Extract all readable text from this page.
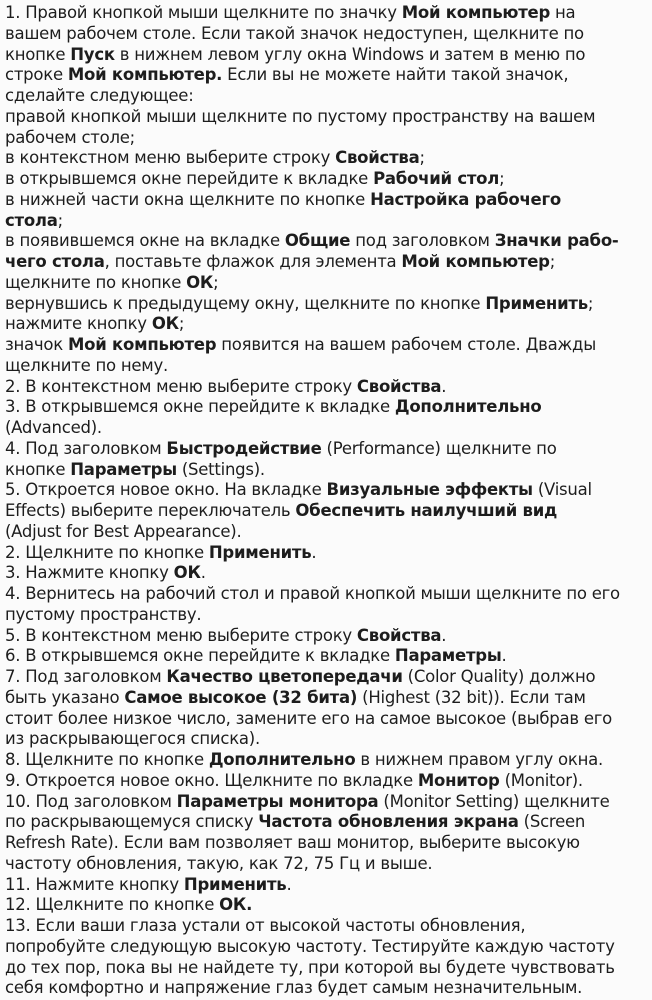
1. Правой кнопкой мыши щелкните по значку Мой компьютер на
вашем рабочем столе. Если такой значок недоступен, щелкните по
кнопке Пуск в нижнем левом углу окна Windows и затем в меню по
строке Мой компьютер. Если вы не можете найти такой значок,
сделайте следующее:
правой кнопкой мыши щелкните по пустому пространству на вашем
рабочем столе;
в контекстном меню выберите строку Свойства;
в открывшемся окне перейдите к вкладке Рабочий стол;
в нижней части окна щелкните по кнопке Настройка рабочего
стола;
в появившемся окне на вкладке Общие под заголовком Значки рабо-
чего стола, поставьте флажок для элемента Мой компьютер;
щелкните по кнопке ОК;
вернувшись к предыдущему окну, щелкните по кнопке Применить;
нажмите кнопку ОК;
значок Мой компьютер появится на вашем рабочем столе. Дважды
щелкните по нему.
2. В контекстном меню выберите строку Свойства.
3. В открывшемся окне перейдите к вкладке Дополнительно
(Advanced).
4. Под заголовком Быстродействие (Performance) щелкните по
кнопке Параметры (Settings).
5. Откроется новое окно. На вкладке Визуальные эффекты (Visual
Effects) выберите переключатель Обеспечить наилучший вид
(Adjust for Best Appearance).
2. Щелкните по кнопке Применить.
3. Нажмите кнопку ОК.
4. Вернитесь на рабочий стол и правой кнопкой мыши щелкните по его
пустому пространству.
5. В контекстном меню выберите строку Свойства.
6. В открывшемся окне перейдите к вкладке Параметры.
7. Под заголовком Качество цветопередачи (Color Quality) должно
быть указано Самое высокое (32 бита) (Highest (32 bit)). Если там
стоит более низкое число, замените его на самое высокое (выбрав его
из раскрывающегося списка).
8. Щелкните по кнопке Дополнительно в нижнем правом углу окна.
9. Откроется новое окно. Щелкните по вкладке Монитор (Monitor).
10. Под заголовком Параметры монитора (Monitor Setting) щелкните
по раскрывающемуся списку Частота обновления экрана (Screen
Refresh Rate). Если вам позволяет ваш монитор, выберите высокую
частоту обновления, такую, как 72, 75 Гц и выше.
11. Нажмите кнопку Применить.
12. Щелкните по кнопке ОК.
13. Если ваши глаза устали от высокой частоты обновления,
попробуйте следующую высокую частоту. Тестируйте каждую частоту
до тех пор, пока вы не найдете ту, при которой вы будете чувствовать
себя комфортно и напряжение глаз будет самым незначительным.
